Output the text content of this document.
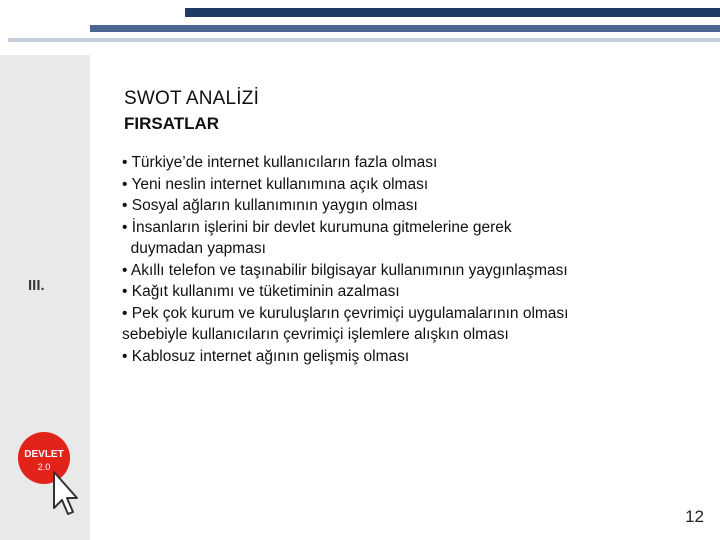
III.
DEVLET
2.0
SWOT ANALİZİ
FIRSATLAR
• Türkiye’de internet kullanıcıların fazla olması
• Yeni neslin internet kullanımına açık olması
• Sosyal ağların kullanımının yaygın olması
• İnsanların işlerini bir devlet kurumuna gitmelerine gerek
duymadan yapması
• Akıllı telefon ve taşınabilir bilgisayar kullanımının yaygınlaşması
• Kağıt kullanımı ve tüketiminin azalması
• Pek çok kurum ve kuruluşların çevrimiçi uygulamalarının olması
sebebiyle kullanıcıların çevrimiçi işlemlere alışkın olması
• Kablosuz internet ağının gelişmiş olması
12
